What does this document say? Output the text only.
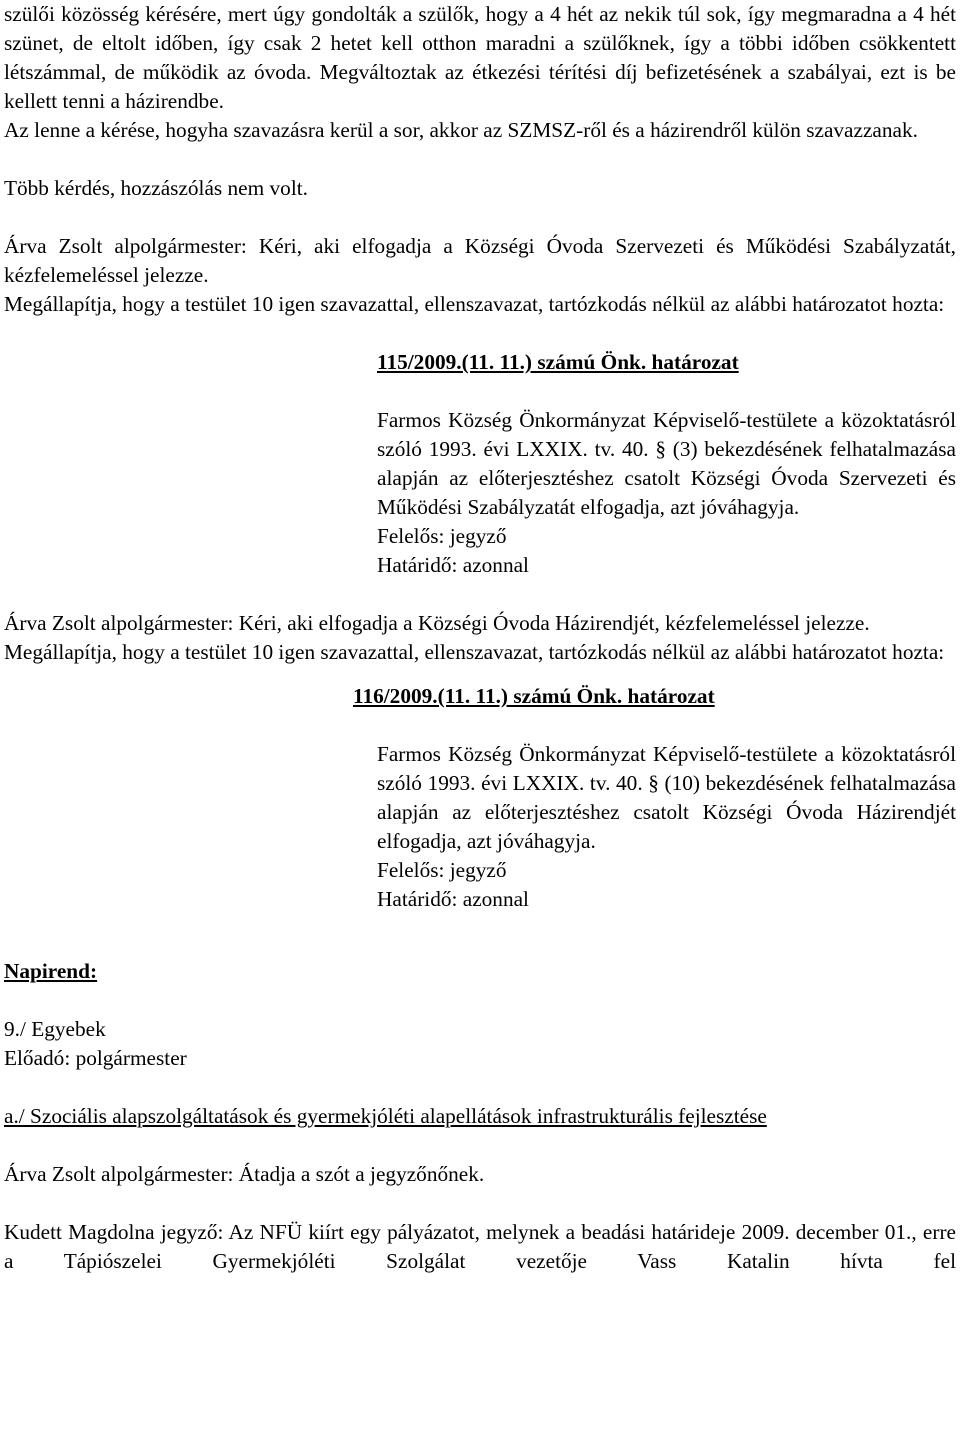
szülői közösség kérésére, mert úgy gondolták a szülők, hogy a 4 hét az nekik túl sok, így megmaradna a 4 hét szünet, de eltolt időben, így csak 2 hetet kell otthon maradni a szülőknek, így a többi időben csökkentett létszámmal, de működik az óvoda. Megváltoztak az étkezési térítési díj befizetésének a szabályai, ezt is be kellett tenni a házirendbe.

Az lenne a kérése, hogyha szavazásra kerül a sor, akkor az SZMSZ-ről és a házirendről külön szavazzanak.

Több kérdés, hozzászólás nem volt.

Árva Zsolt alpolgármester: Kéri, aki elfogadja a Községi Óvoda Szervezeti és Működési Szabályzatát, kézfelemeléssel jelezze.

Megállapítja, hogy a testület 10 igen szavazattal, ellenszavazat, tartózkodás nélkül az alábbi határozatot hozta:

115/2009.(11. 11.) számú Önk. határozat

Farmos Község Önkormányzat Képviselő-testülete a közoktatásról szóló 1993. évi LXXIX. tv. 40. § (3) bekezdésének felhatalmazása alapján az előterjesztéshez csatolt Községi Óvoda Szervezeti és Működési Szabályzatát elfogadja, azt jóváhagyja.

Felelős: jegyző

Határidő: azonnal

Árva Zsolt alpolgármester: Kéri, aki elfogadja a Községi Óvoda Házirendjét, kézfelemeléssel jelezze.

Megállapítja, hogy a testület 10 igen szavazattal, ellenszavazat, tartózkodás nélkül az alábbi határozatot hozta:

116/2009.(11. 11.) számú Önk. határozat

Farmos Község Önkormányzat Képviselő-testülete a közoktatásról szóló 1993. évi LXXIX. tv. 40. § (10) bekezdésének felhatalmazása alapján az előterjesztéshez csatolt Községi Óvoda Házirendjét elfogadja, azt jóváhagyja.

Felelős: jegyző

Határidő: azonnal

Napirend:

9./ Egyebek

Előadó: polgármester

a./ Szociális alapszolgáltatások és gyermekjóléti alapellátások infrastrukturális fejlesztése

Árva Zsolt alpolgármester: Átadja a szót a jegyzőnőnek.

Kudett Magdolna jegyző: Az NFÜ kiírt egy pályázatot, melynek a beadási határideje 2009. december 01., erre a Tápiószelei Gyermekjóléti Szolgálat vezetője Vass Katalin hívta fel
